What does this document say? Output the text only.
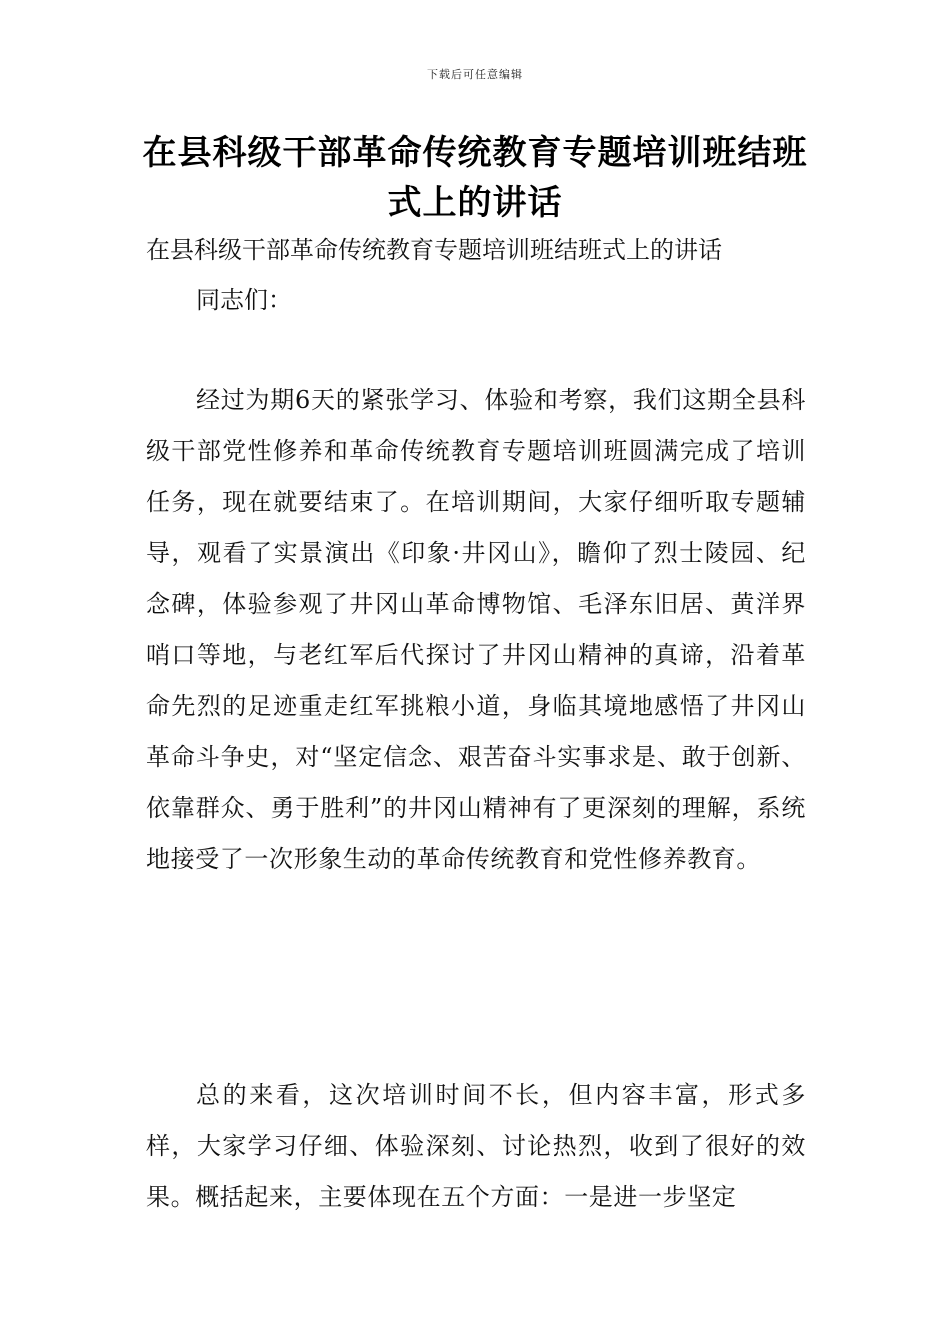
下载后可任意编辑
在县科级干部革命传统教育专题培训班结班式上的讲话
在县科级干部革命传统教育专题培训班结班式上的讲话
同志们：
经过为期6天的紧张学习、体验和考察，我们这期全县科级干部党性修养和革命传统教育专题培训班圆满完成了培训任务，现在就要结束了。在培训期间，大家仔细听取专题辅导，观看了实景演出《印象·井冈山》，瞻仰了烈士陵园、纪念碑，体验参观了井冈山革命博物馆、毛泽东旧居、黄洋界哨口等地，与老红军后代探讨了井冈山精神的真谛，沿着革命先烈的足迹重走红军挑粮小道，身临其境地感悟了井冈山革命斗争史，对“坚定信念、艰苦奋斗实事求是、敢于创新、依靠群众、勇于胜利”的井冈山精神有了更深刻的理解，系统地接受了一次形象生动的革命传统教育和党性修养教育。
总的来看，这次培训时间不长，但内容丰富，形式多样，大家学习仔细、体验深刻、讨论热烈，收到了很好的效果。概括起来，主要体现在五个方面：一是进一步坚定
